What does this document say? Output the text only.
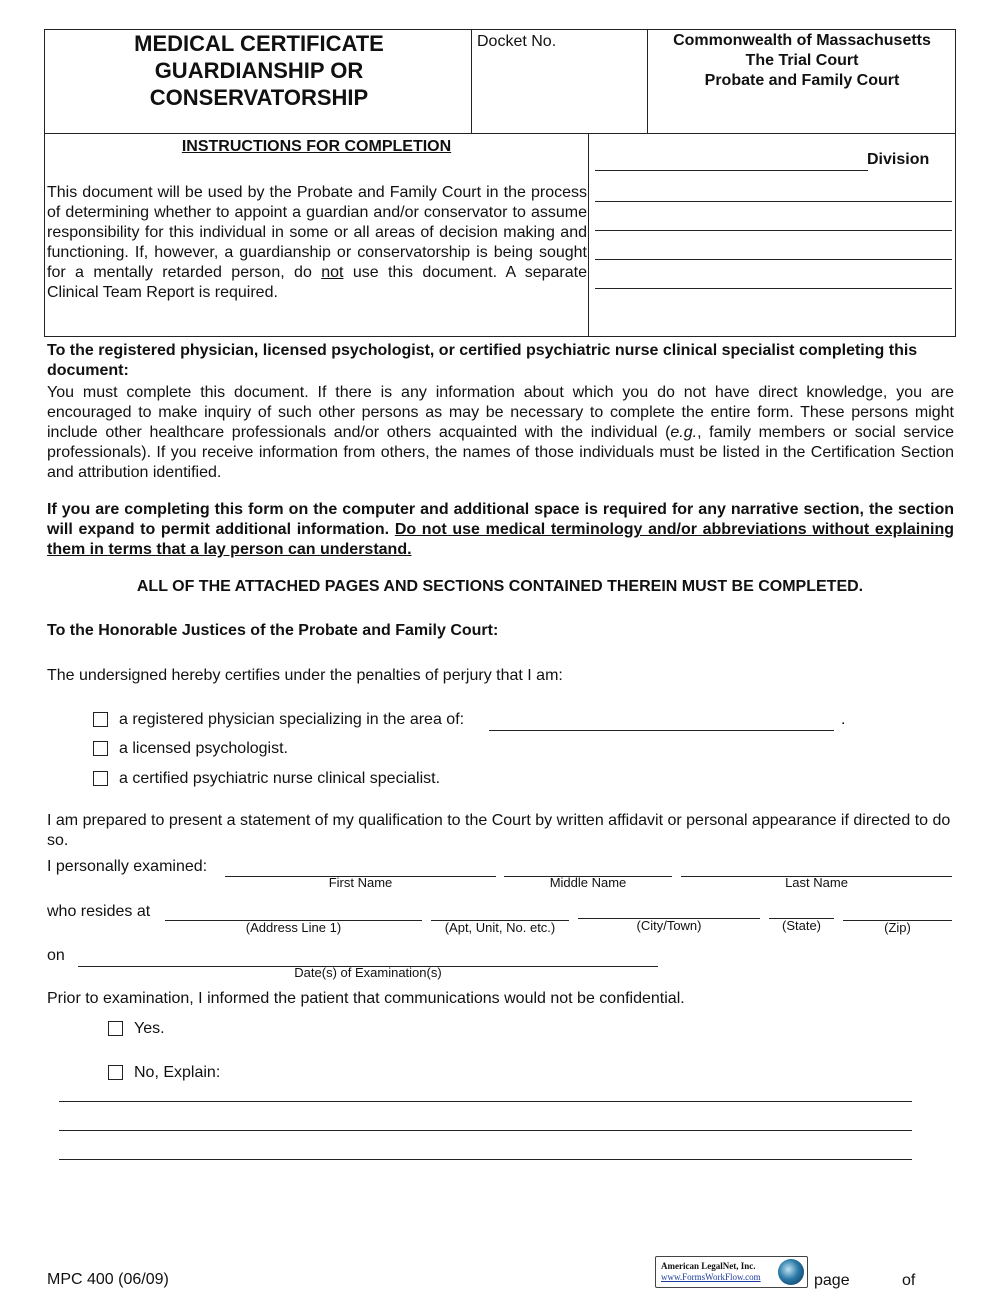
MEDICAL CERTIFICATE
GUARDIANSHIP OR
CONSERVATORSHIP
Docket No.	Commonwealth of Massachusetts
The Trial Court
Probate and Family Court
INSTRUCTIONS FOR COMPLETION
This document will be used by the Probate and Family Court in the process of determining whether to appoint a guardian and/or conservator to assume responsibility for this individual in some or all areas of decision making and functioning. If, however, a guardianship or conservatorship is being sought for a mentally retarded person, do not use this document. A separate Clinical Team Report is required.
Division
To the registered physician, licensed psychologist, or certified psychiatric nurse clinical specialist completing this document:
You must complete this document. If there is any information about which you do not have direct knowledge, you are encouraged to make inquiry of such other persons as may be necessary to complete the entire form. These persons might include other healthcare professionals and/or others acquainted with the individual (e.g., family members or social service professionals). If you receive information from others, the names of those individuals must be listed in the Certification Section and attribution identified.
If you are completing this form on the computer and additional space is required for any narrative section, the section will expand to permit additional information. Do not use medical terminology and/or abbreviations without explaining them in terms that a lay person can understand.
ALL OF THE ATTACHED PAGES AND SECTIONS CONTAINED THEREIN MUST BE COMPLETED.
To the Honorable Justices of the Probate and Family Court:
The undersigned hereby certifies under the penalties of perjury that I am:
a registered physician specializing in the area of:	.
a licensed psychologist.
a certified psychiatric nurse clinical specialist.
I am prepared to present a statement of my qualification to the Court by written affidavit or personal appearance if directed to do so.
I personally examined:
First Name	Middle Name	Last Name
who resides at
(Address Line 1)	(Apt, Unit, No. etc.)	(City/Town)	(State)	(Zip)
on
Date(s) of Examination(s)
Prior to examination, I informed the patient that communications would not be confidential.
Yes.
No, Explain:
MPC 400 (06/09)
American LegalNet, Inc.
www.FormsWorkFlow.com	page	of
